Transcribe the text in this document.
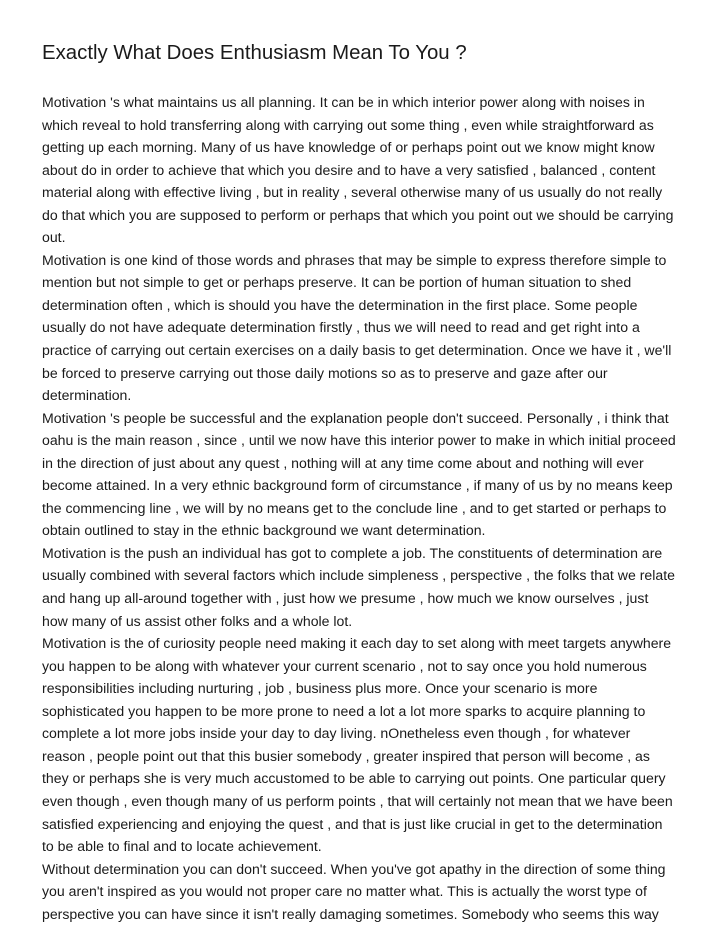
Exactly What Does Enthusiasm Mean To You ?
Motivation 's what maintains us all planning. It can be in which interior power along with noises in
which reveal to hold transferring along with carrying out some thing , even while straightforward as
getting up each morning. Many of us have knowledge of or perhaps point out we know might know
about do in order to achieve that which you desire and to have a very satisfied , balanced , content
material along with effective living , but in reality , several otherwise many of us usually do not really
do that which you are supposed to perform or perhaps that which you point out we should be carrying
out.
Motivation is one kind of those words and phrases that may be simple to express therefore simple to
mention but not simple to get or perhaps preserve. It can be portion of human situation to shed
determination often , which is should you have the determination in the first place. Some people
usually do not have adequate determination firstly , thus we will need to read and get right into a
practice of carrying out certain exercises on a daily basis to get determination. Once we have it , we'll
be forced to preserve carrying out those daily motions so as to preserve and gaze after our
determination.
Motivation 's people be successful and the explanation people don't succeed. Personally , i think that
oahu is the main reason , since , until we now have this interior power to make in which initial proceed
in the direction of just about any quest , nothing will at any time come about and nothing will ever
become attained. In a very ethnic background form of circumstance , if many of us by no means keep
the commencing line , we will by no means get to the conclude line , and to get started or perhaps to
obtain outlined to stay in the ethnic background we want determination.
Motivation is the push an individual has got to complete a job. The constituents of determination are
usually combined with several factors which include simpleness , perspective , the folks that we relate
and hang up all-around together with , just how we presume , how much we know ourselves , just
how many of us assist other folks and a whole lot.
Motivation is the of curiosity people need making it each day to set along with meet targets anywhere
you happen to be along with whatever your current scenario , not to say once you hold numerous
responsibilities including nurturing , job , business plus more. Once your scenario is more
sophisticated you happen to be more prone to need a lot a lot more sparks to acquire planning to
complete a lot more jobs inside your day to day living. nOnetheless even though , for whatever
reason , people point out that this busier somebody , greater inspired that person will become , as
they or perhaps she is very much accustomed to be able to carrying out points. One particular query
even though , even though many of us perform points , that will certainly not mean that we have been
satisfied experiencing and enjoying the quest , and that is just like crucial in get to the determination
to be able to final and to locate achievement.
Without determination you can don't succeed. When you've got apathy in the direction of some thing
you aren't inspired as you would not proper care no matter what. This is actually the worst type of
perspective you can have since it isn't really damaging sometimes. Somebody who seems this way
